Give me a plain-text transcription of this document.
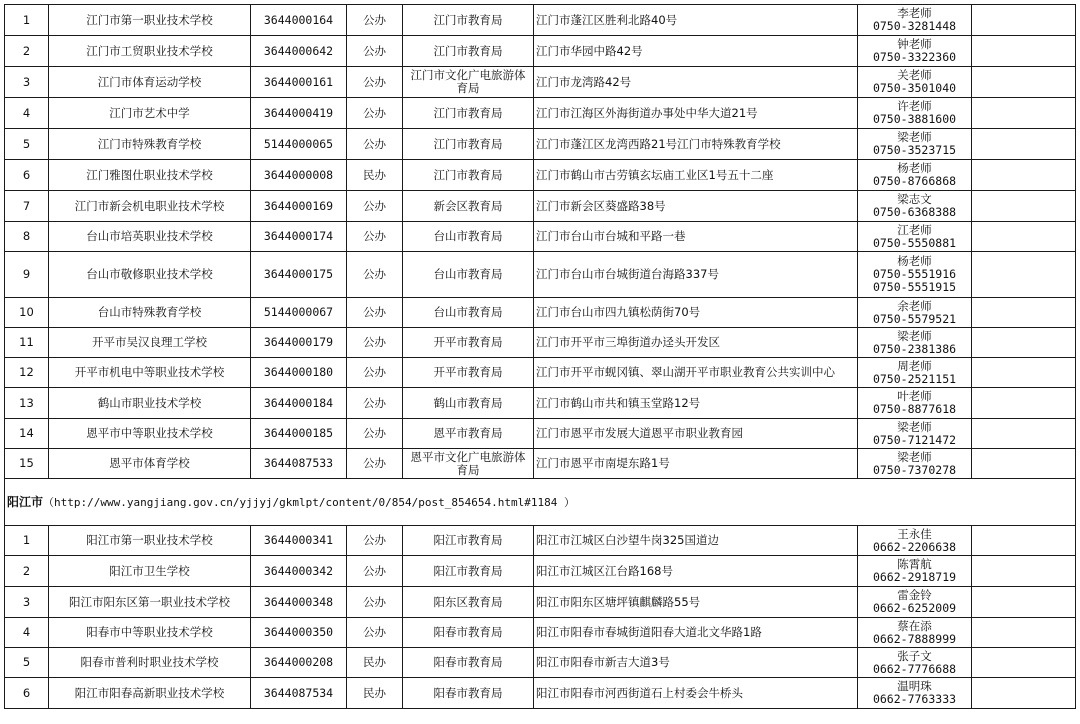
1	江门市第一职业技术学校	3644000164	公办	江门市教育局	江门市蓬江区胜利北路40号	李老师
0750-3281448	

2	江门市工贸职业技术学校	3644000642	公办	江门市教育局	江门市华园中路42号	钟老师
0750-3322360	

3	江门市体育运动学校	3644000161	公办	江门市文化广电旅游体育局	江门市龙湾路42号	关老师
0750-3501040	

4	江门市艺术中学	3644000419	公办	江门市教育局	江门市江海区外海街道办事处中华大道21号	许老师
0750-3881600	

5	江门市特殊教育学校	5144000065	公办	江门市教育局	江门市蓬江区龙湾西路21号江门市特殊教育学校	梁老师
0750-3523715	

6	江门雅图仕职业技术学校	3644000008	民办	江门市教育局	江门市鹤山市古劳镇玄坛庙工业区1号五十二座	杨老师
0750-8766868	

7	江门市新会机电职业技术学校	3644000169	公办	新会区教育局	江门市新会区葵盛路38号	梁志文
0750-6368388	

8	台山市培英职业技术学校	3644000174	公办	台山市教育局	江门市台山市台城和平路一巷	江老师
0750-5550881	

9	台山市敬修职业技术学校	3644000175	公办	台山市教育局	江门市台山市台城街道台海路337号	杨老师
0750-5551916
0750-5551915	

10	台山市特殊教育学校	5144000067	公办	台山市教育局	江门市台山市四九镇松荫街70号	余老师
0750-5579521	

11	开平市吴汉良理工学校	3644000179	公办	开平市教育局	江门市开平市三埠街道办迳头开发区	梁老师
0750-2381386	

12	开平市机电中等职业技术学校	3644000180	公办	开平市教育局	江门市开平市蚬冈镇、翠山湖开平市职业教育公共实训中心	周老师
0750-2521151	

13	鹤山市职业技术学校	3644000184	公办	鹤山市教育局	江门市鹤山市共和镇玉堂路12号	叶老师
0750-8877618	

14	恩平市中等职业技术学校	3644000185	公办	恩平市教育局	江门市恩平市发展大道恩平市职业教育园	梁老师
0750-7121472	

15	恩平市体育学校	3644087533	公办	恩平市文化广电旅游体育局	江门市恩平市南堤东路1号	梁老师
0750-7370278	

阳江市（http://www.yangjiang.gov.cn/yjjyj/gkmlpt/content/0/854/post_854654.html#1184 ）							
1	阳江市第一职业技术学校	3644000341	公办	阳江市教育局	阳江市江城区白沙望牛岗325国道边	王永佳
0662-2206638	

2	阳江市卫生学校	3644000342	公办	阳江市教育局	阳江市江城区江台路168号	陈霄航
0662-2918719	

3	阳江市阳东区第一职业技术学校	3644000348	公办	阳东区教育局	阳江市阳东区塘坪镇麒麟路55号	雷金铃
0662-6252009	

4	阳春市中等职业技术学校	3644000350	公办	阳春市教育局	阳江市阳春市春城街道阳春大道北文华路1路	蔡在添
0662-7888999	

5	阳春市普利时职业技术学校	3644000208	民办	阳春市教育局	阳江市阳春市新吉大道3号	张子文
0662-7776688	

6	阳江市阳春高新职业技术学校	3644087534	民办	阳春市教育局	阳江市阳春市河西街道石上村委会牛桥头	温明珠
0662-7763333	
